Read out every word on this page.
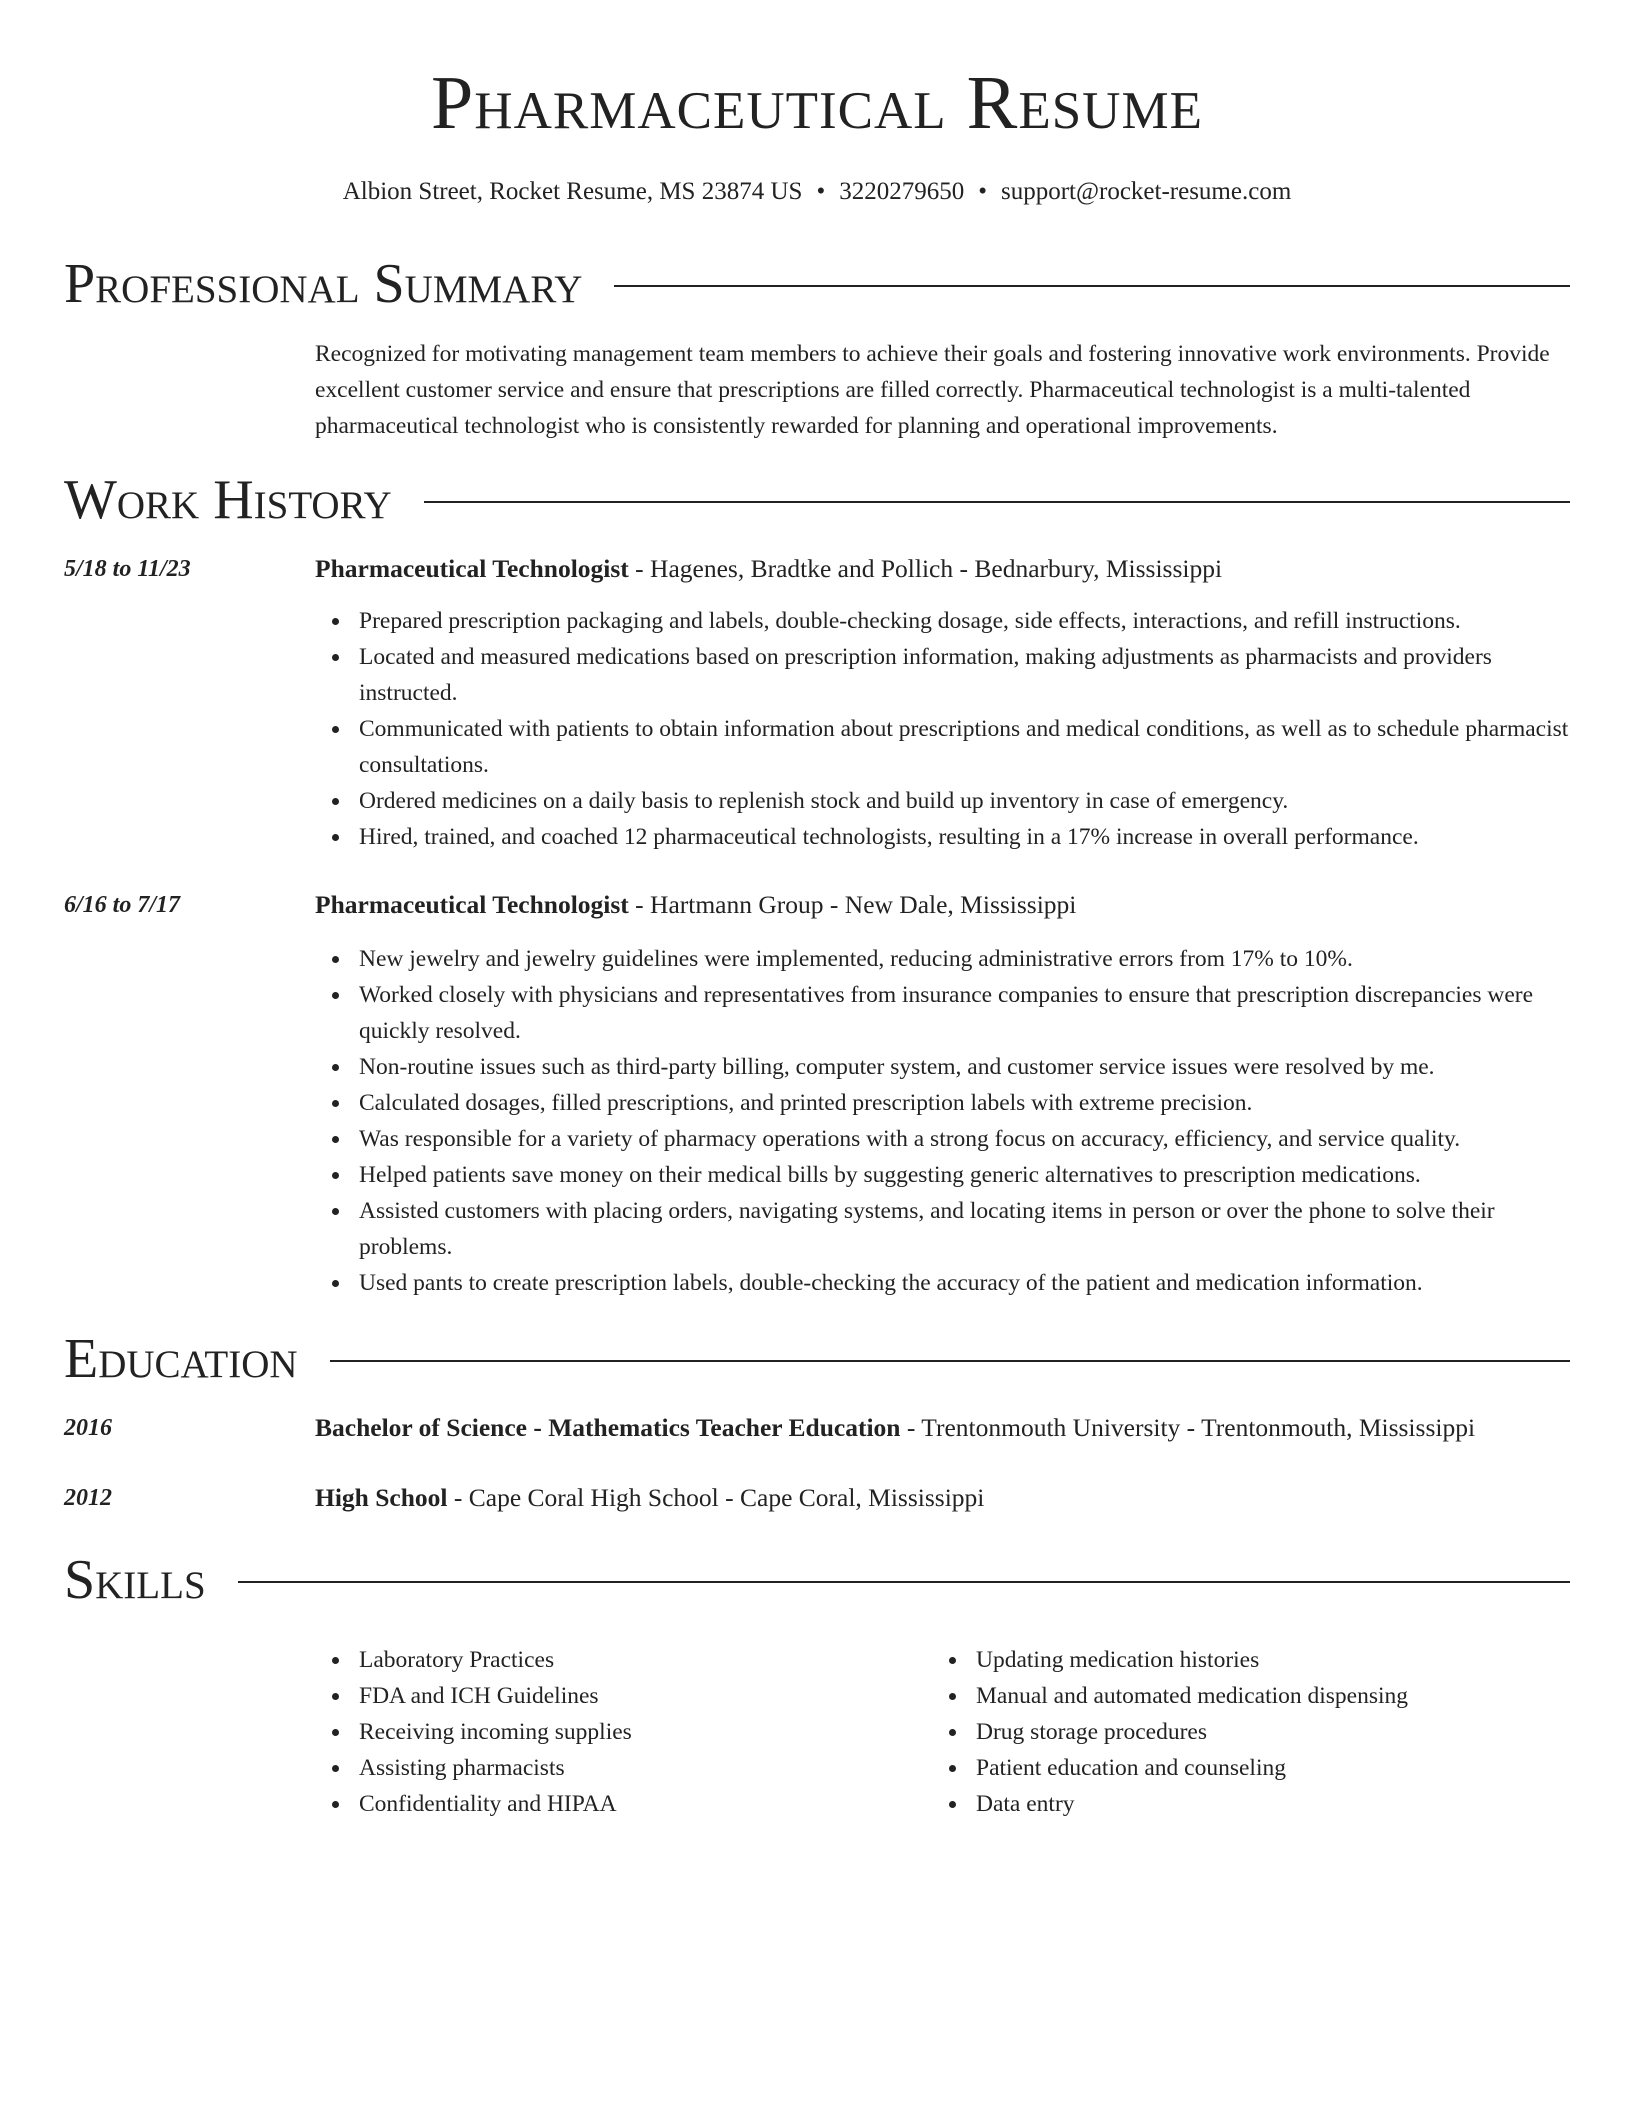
Pharmaceutical Resume
Albion Street, Rocket Resume, MS 23874 US • 3220279650 • support@rocket-resume.com
Professional Summary

Recognized for motivating management team members to achieve their goals and fostering innovative work environments. Provide excellent customer service and ensure that prescriptions are filled correctly. Pharmaceutical technologist is a multi-talented pharmaceutical technologist who is consistently rewarded for planning and operational improvements.

Work History
5/18 to 11/23	Pharmaceutical Technologist - Hagenes, Bradtke and Pollich - Bednarbury, Mississippi
Prepared prescription packaging and labels, double-checking dosage, side effects, interactions, and refill instructions.
Located and measured medications based on prescription information, making adjustments as pharmacists and providers instructed.
Communicated with patients to obtain information about prescriptions and medical conditions, as well as to schedule pharmacist consultations.
Ordered medicines on a daily basis to replenish stock and build up inventory in case of emergency.
Hired, trained, and coached 12 pharmaceutical technologists, resulting in a 17% increase in overall performance.
6/16 to 7/17	Pharmaceutical Technologist - Hartmann Group - New Dale, Mississippi
New jewelry and jewelry guidelines were implemented, reducing administrative errors from 17% to 10%.
Worked closely with physicians and representatives from insurance companies to ensure that prescription discrepancies were quickly resolved.
Non-routine issues such as third-party billing, computer system, and customer service issues were resolved by me.
Calculated dosages, filled prescriptions, and printed prescription labels with extreme precision.
Was responsible for a variety of pharmacy operations with a strong focus on accuracy, efficiency, and service quality.
Helped patients save money on their medical bills by suggesting generic alternatives to prescription medications.
Assisted customers with placing orders, navigating systems, and locating items in person or over the phone to solve their problems.
Used pants to create prescription labels, double-checking the accuracy of the patient and medication information.
Education
2016	Bachelor of Science - Mathematics Teacher Education - Trentonmouth University - Trentonmouth, Mississippi
2012	High School - Cape Coral High School - Cape Coral, Mississippi
Skills
Laboratory Practices
FDA and ICH Guidelines
Receiving incoming supplies
Assisting pharmacists
Confidentiality and HIPAA
Updating medication histories
Manual and automated medication dispensing
Drug storage procedures
Patient education and counseling
Data entry
